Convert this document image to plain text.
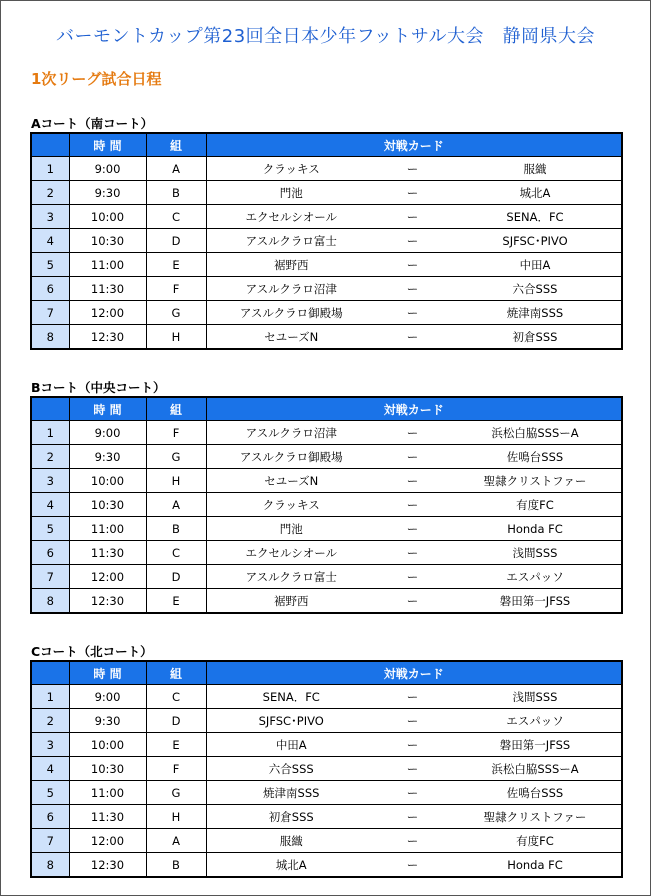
バーモントカップ第23回全日本少年フットサル大会　静岡県大会
1次リーグ試合日程
Aコート（南コート）
	時 間	組	対戦カード		
1	9:00	A	クラッキス	ー	服織
2	9:30	B	門池	ー	城北A
3	10:00	C	エクセルシオール	ー	SENA．FC
4	10:30	D	アスルクラロ富士	ー	SJFSC･PIVO
5	11:00	E	裾野西	ー	中田A
6	11:30	F	アスルクラロ沼津	ー	六合SSS
7	12:00	G	アスルクラロ御殿場	ー	焼津南SSS
8	12:30	H	セユーズN	ー	初倉SSS
Bコート（中央コート）
	時 間	組	対戦カード		
1	9:00	F	アスルクラロ沼津	ー	浜松白脇SSSーA
2	9:30	G	アスルクラロ御殿場	ー	佐鳴台SSS
3	10:00	H	セユーズN	ー	聖隷クリストファー
4	10:30	A	クラッキス	ー	有度FC
5	11:00	B	門池	ー	Honda FC
6	11:30	C	エクセルシオール	ー	浅間SSS
7	12:00	D	アスルクラロ富士	ー	エスパッソ
8	12:30	E	裾野西	ー	磐田第一JFSS
Cコート（北コート）
	時 間	組	対戦カード		
1	9:00	C	SENA．FC	ー	浅間SSS
2	9:30	D	SJFSC･PIVO	ー	エスパッソ
3	10:00	E	中田A	ー	磐田第一JFSS
4	10:30	F	六合SSS	ー	浜松白脇SSSーA
5	11:00	G	焼津南SSS	ー	佐鳴台SSS
6	11:30	H	初倉SSS	ー	聖隷クリストファー
7	12:00	A	服織	ー	有度FC
8	12:30	B	城北A	ー	Honda FC
